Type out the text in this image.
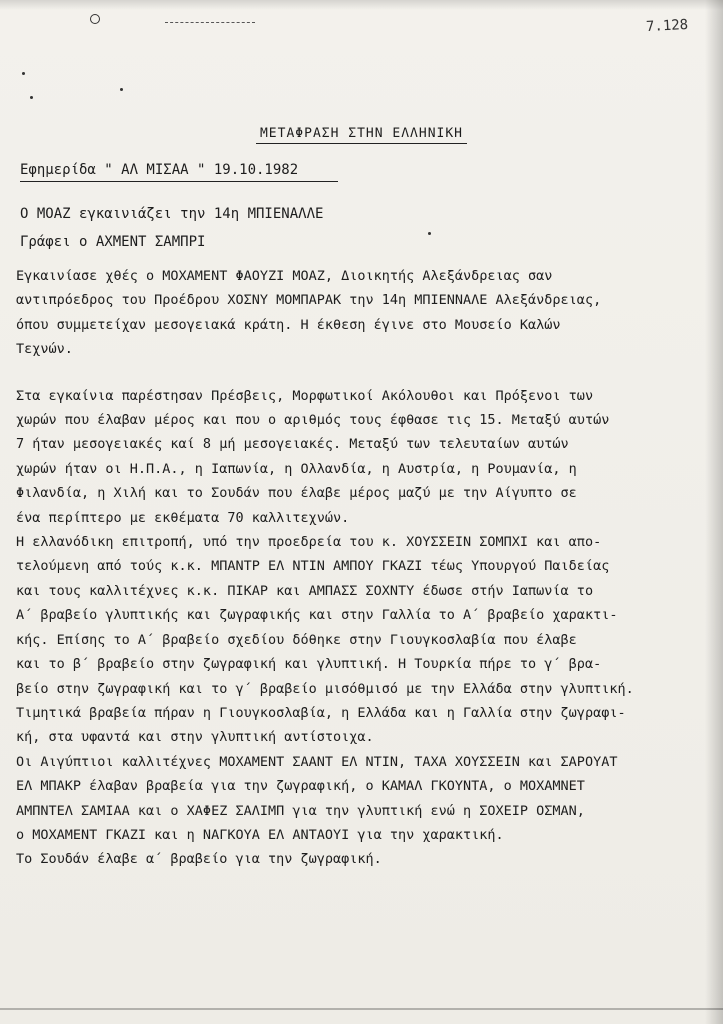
7.128
ΜΕΤΑΦΡΑΣΗ ΣΤΗΝ ΕΛΛΗΝΙΚΗ
Εφημερίδα " ΑΛ ΜΙΣΑΑ " 19.10.1982
Ο ΜΟΑΖ εγκαινιάζει την 14η ΜΠΙΕΝΑΛΛΕ
Γράφει ο ΑΧΜΕΝΤ ΣΑΜΠΡΙ
Εγκαινίασε χθές ο ΜΟΧΑΜΕΝΤ ΦΑΟΥΖΙ ΜΟΑΖ, Διοικητής Αλεξάνδρειας σαν
αντιπρόεδρος του Προέδρου ΧΟΣΝΥ ΜΟΜΠΑΡΑΚ την 14η ΜΠΙΕΝΝΑΛΕ Αλεξάνδρειας,
όπου συμμετείχαν μεσογειακά κράτη. Η έκθεση έγινε στο Μουσείο Καλών
Τεχνών.
Στα εγκαίνια παρέστησαν Πρέσβεις, Μορφωτικοί Ακόλουθοι και Πρόξενοι των
χωρών που έλαβαν μέρος και που ο αριθμός τους έφθασε τις 15. Μεταξύ αυτών
7 ήταν μεσογειακές καί 8 μή μεσογειακές. Μεταξύ των τελευταίων αυτών
χωρών ήταν οι Η.Π.Α., η Ιαπωνία, η Ολλανδία, η Αυστρία, η Ρουμανία, η
Φιλανδία, η Χιλή και το Σουδάν που έλαβε μέρος μαζύ με την Αίγυπτο σε
ένα περίπτερο με εκθέματα 70 καλλιτεχνών.
Η ελλανόδικη επιτροπή, υπό την προεδρεία του κ. ΧΟΥΣΣΕΙΝ ΣΟΜΠΧΙ και απο-
τελούμενη από τούς κ.κ. ΜΠΑΝΤΡ ΕΛ ΝΤΙΝ ΑΜΠΟΥ ΓΚΑΖΙ τέως Υπουργού Παιδείας
και τους καλλιτέχνες κ.κ. ΠΙΚΑΡ και ΑΜΠΑΣΣ ΣΟΧΝΤΥ έδωσε στήν Ιαπωνία το
Α΄ βραβείο γλυπτικής και ζωγραφικής και στην Γαλλία το Α΄ βραβείο χαρακτι-
κής. Επίσης το Α΄ βραβείο σχεδίου δόθηκε στην Γιουγκοσλαβία που έλαβε
και το β΄ βραβείο στην ζωγραφική και γλυπτική. Η Τουρκία πήρε το γ΄ βρα-
βείο στην ζωγραφική και το γ΄ βραβείο μισόθμισό με την Ελλάδα στην γλυπτική.
Τιμητικά βραβεία πήραν η Γιουγκοσλαβία, η Ελλάδα και η Γαλλία στην ζωγραφι-
κή, στα υφαντά και στην γλυπτική αντίστοιχα.
Οι Αιγύπτιοι καλλιτέχνες ΜΟΧΑΜΕΝΤ ΣΑΑΝΤ ΕΛ ΝΤΙΝ, ΤΑΧΑ ΧΟΥΣΣΕΙΝ και ΣΑΡΟΥΑΤ
ΕΛ ΜΠΑΚΡ έλαβαν βραβεία για την ζωγραφική, ο ΚΑΜΑΛ ΓΚΟΥΝΤΑ, ο ΜΟΧΑΜΝΕΤ
ΑΜΠΝΤΕΛ ΣΑΜΙΑΑ και ο ΧΑΦΕΖ ΣΑΛΙΜΠ για την γλυπτική ενώ η ΣΟΧΕΙΡ ΟΣΜΑΝ,
ο ΜΟΧΑΜΕΝΤ ΓΚΑΖΙ και η ΝΑΓΚΟΥΑ ΕΛ ΑΝΤΑΟΥΙ για την χαρακτική.
Το Σουδάν έλαβε α΄ βραβείο για την ζωγραφική.
